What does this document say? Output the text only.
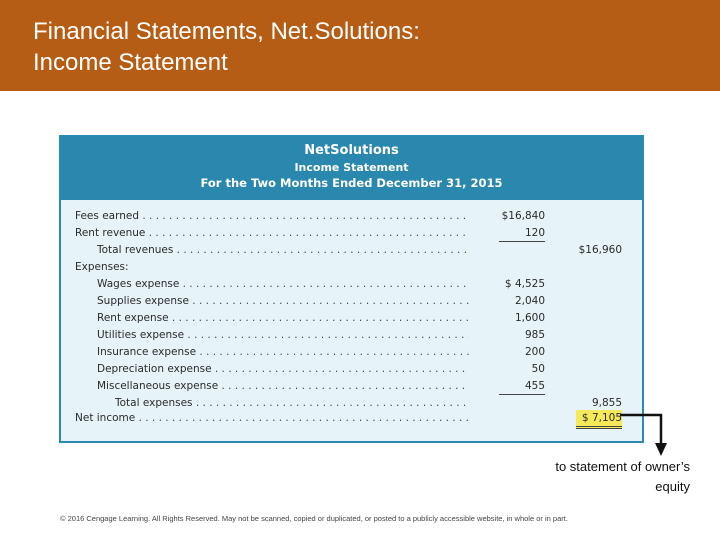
Financial Statements, Net.Solutions:
Income Statement
NetSolutions
Income Statement
For the Two Months Ended December 31, 2015
Fees earned . . .	$16,840
Rent revenue . . .	120
Total revenues . . .	$16,960
Expenses:
Wages expense . . .	$ 4,525
Supplies expense . . .	2,040
Rent expense . . .	1,600
Utilities expense . . .	985
Insurance expense . . .	200
Depreciation expense . . .	50
Miscellaneous expense . . .	455
Total expenses . . .	9,855
Net income . . .	$ 7,105
to statement of owner’s
equity
© 2016 Cengage Learning. All Rights Reserved. May not be scanned, copied or duplicated, or posted to a publicly accessible website, in whole or in part.
